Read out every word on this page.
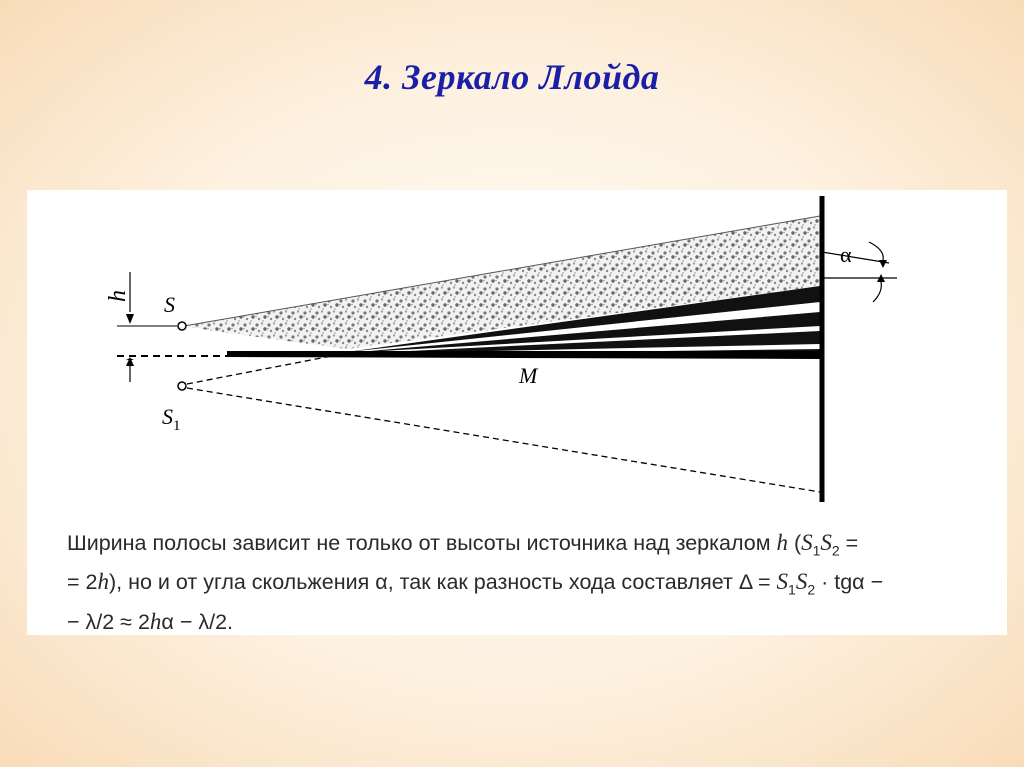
4. Зеркало Ллойда
h S
$S_1$
M
α
Ширина полосы зависит не только от высоты источника над зеркалом h ($S_1S_2$ =
= 2h), но и от угла скольжения α, так как разность хода составляет $\Delta = S_1S_2 \cdot tg\alpha$ −
− λ/2 ≈ 2hα − λ/2.
